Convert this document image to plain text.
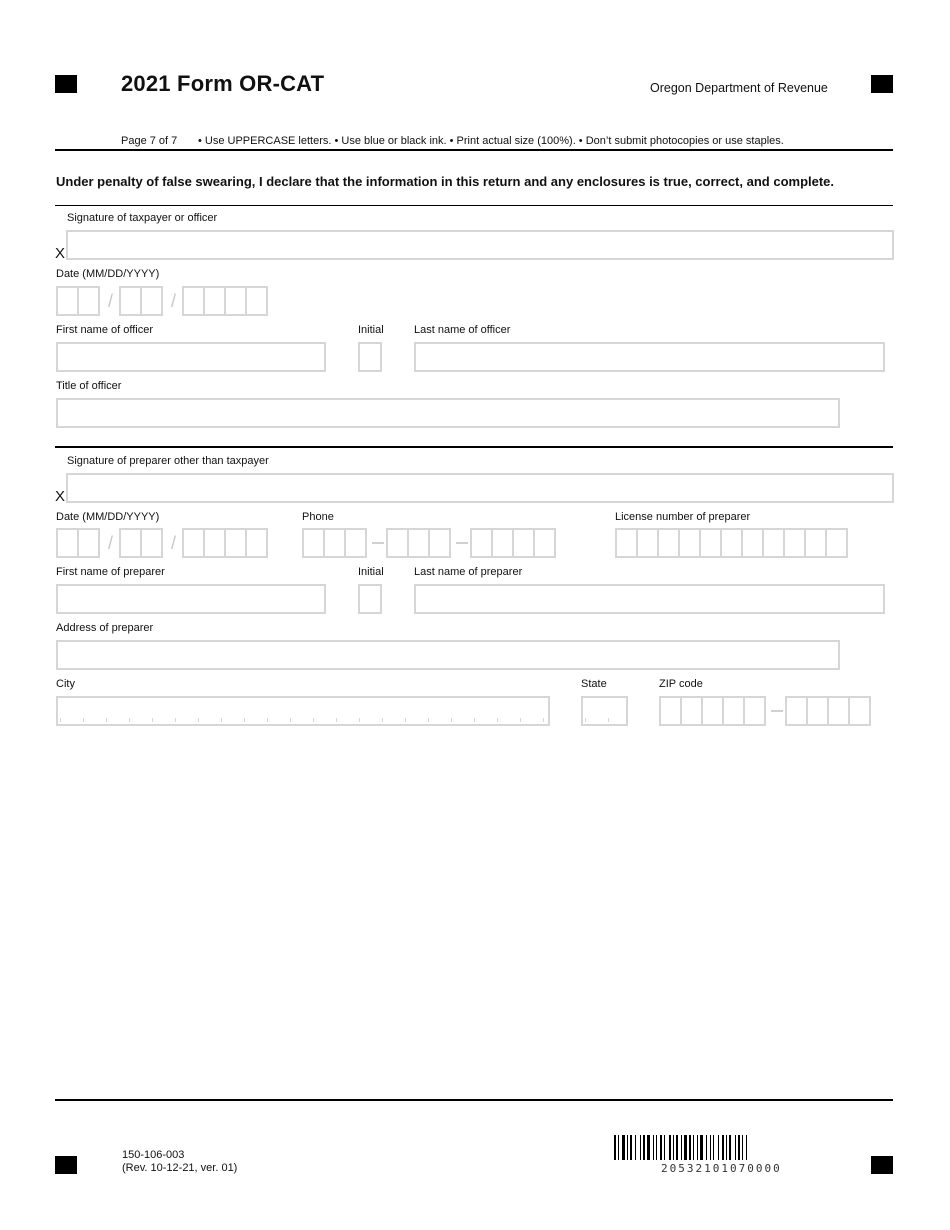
2021 Form OR-CAT	Oregon Department of Revenue
Page 7 of 7 • Use UPPERCASE letters. • Use blue or black ink. • Print actual size (100%). • Don’t submit photocopies or use staples.
Under penalty of false swearing, I declare that the information in this return and any enclosures is true, correct, and complete.
Signature of taxpayer or officer
X
Date (MM/DD/YYYY)
/	/
First name of officer	Initial	Last name of officer
Title of officer
Signature of preparer other than taxpayer
X
Date (MM/DD/YYYY)	Phone	License number of preparer
/	/
First name of preparer	Initial	Last name of preparer
Address of preparer
City	State	ZIP code
150-106-003
(Rev. 10-12-21, ver. 01)	20532101070000
